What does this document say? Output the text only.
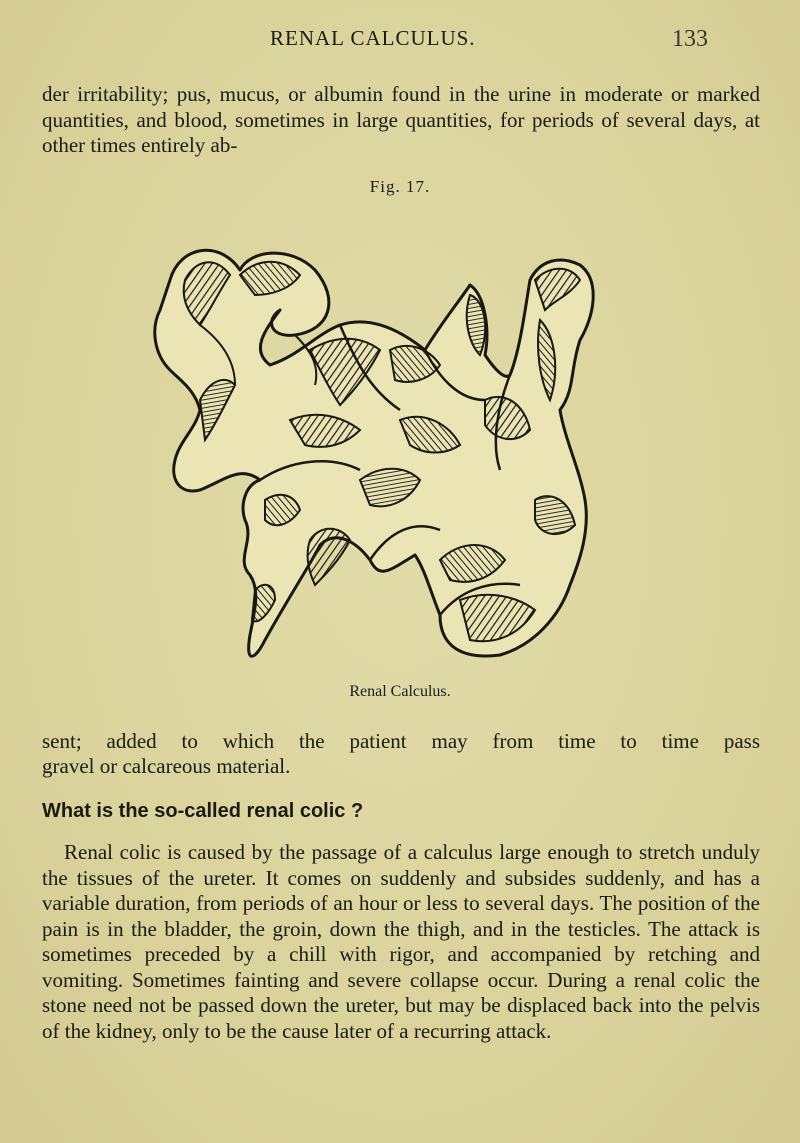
RENAL CALCULUS.	133

der irritability; pus, mucus, or albumin found in the urine in moderate or marked quantities, and blood, sometimes in large quantities, for periods of several days, at other times entirely ab-

Fig. 17.

Renal Calculus.

sent; added to which the patient may from time to time pass

gravel or calcareous material.

What is the so-called renal colic ?

Renal colic is caused by the passage of a calculus large enough to stretch unduly the tissues of the ureter. It comes on suddenly and subsides suddenly, and has a variable duration, from periods of an hour or less to several days. The position of the pain is in the bladder, the groin, down the thigh, and in the testicles. The attack is sometimes preceded by a chill with rigor, and accompanied by retching and vomiting. Sometimes fainting and severe collapse occur. During a renal colic the stone need not be passed down the ureter, but may be displaced back into the pelvis of the kidney, only to be the cause later of a recurring attack.
